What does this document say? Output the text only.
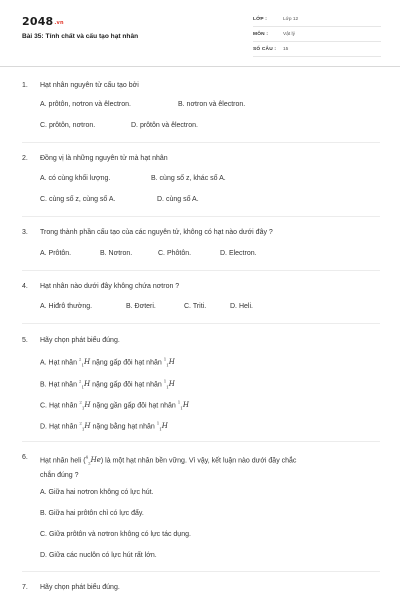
2048.vn
Bài 35: Tính chất và cấu tạo hạt nhân
LỚP :	Lớp 12
MÔN :	Vật lý
SỐ CÂU : 15
1. Hạt nhân nguyên tử cấu tạo bởi
A. prôtôn, nơtron và êlectron.	B. nơtron và êlectron.
C. prôtôn, nơtron.	D. prôtôn và êlectron.
2. Đồng vị là những nguyên tử mà hạt nhân
A. có cùng khối lượng.	B. cùng số z, khác số A.
C. cùng số z, cùng số A.	D. cùng số A.
3. Trong thành phần cấu tạo của các nguyên tử, không có hạt nào dưới đây ?
A. Prôtôn.	B. Nơtron.	C. Phôtôn.	D. Electron.
4. Hạt nhân nào dưới đây không chứa nơtron ?
A. Hiđrô thường.	B. Đơteri.	C. Triti.	D. Heli.
5. Hãy chọn phát biểu đúng.
A. Hạt nhân $^2_1$H nặng gấp đôi hạt nhân $^1_1$H
B. Hạt nhân $^2_1$H nặng gấp đôi hạt nhân $^1_1$H
C. Hạt nhân $^2_1$H nặng gần gấp đôi hạt nhân $^1_1$H
D. Hạt nhân $^2_1$H nặng bằng hạt nhân $^1_1$H
6. Hạt nhân heli ($^4_2$He) là một hạt nhân bền vững. Vì vậy, kết luận nào dưới đây chắc
chắn đúng ?
A. Giữa hai nơtron không có lực hút.
B. Giữa hai prôtôn chỉ có lực đẩy.
C. Giữa prôtôn và nơtron không có lực tác dụng.
D. Giữa các nuclôn có lực hút rất lớn.
7. Hãy chọn phát biểu đúng.
